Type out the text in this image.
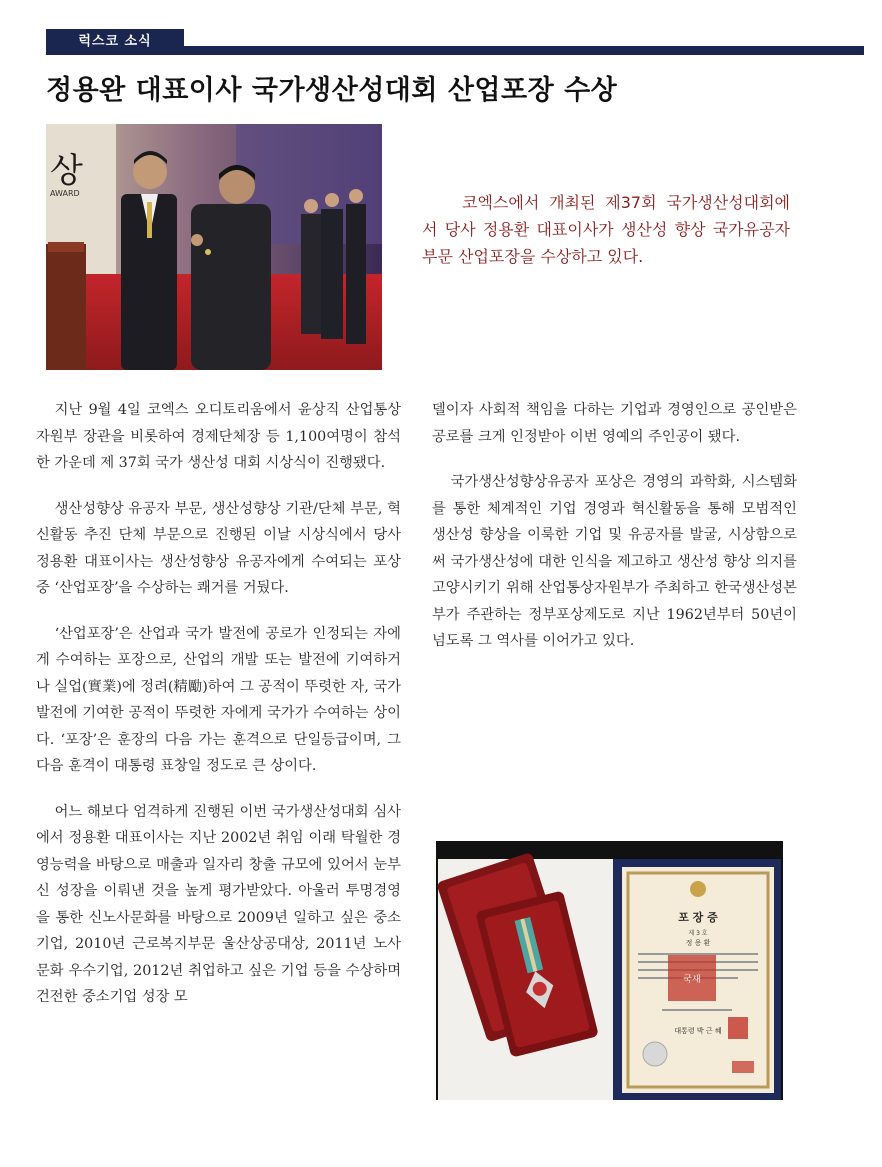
럭스코 소식
정용완 대표이사 국가생산성대회 산업포장 수상
상
AWARD	코엑스에서 개최된 제37회 국가생산성대회에서 당사 정용환 대표이사가 생산성 향상 국가유공자 부문 산업포장을 수상하고 있다.

지난 9월 4일 코엑스 오디토리움에서 윤상직 산업통상자원부 장관을 비롯하여 경제단체장 등 1,100여명이 참석한 가운데 제 37회 국가 생산성 대회 시상식이 진행됐다.

생산성향상 유공자 부문, 생산성향상 기관/단체 부문, 혁신활동 추진 단체 부문으로 진행된 이날 시상식에서 당사 정용환 대표이사는 생산성향상 유공자에게 수여되는 포상 중 ‘산업포장’을 수상하는 쾌거를 거뒀다.

‘산업포장’은 산업과 국가 발전에 공로가 인정되는 자에게 수여하는 포장으로, 산업의 개발 또는 발전에 기여하거나 실업(實業)에 정려(精勵)하여 그 공적이 뚜렷한 자, 국가발전에 기여한 공적이 뚜렷한 자에게 국가가 수여하는 상이다. ‘포장’은 훈장의 다음 가는 훈격으로 단일등급이며, 그 다음 훈격이 대통령 표창일 정도로 큰 상이다.

어느 해보다 엄격하게 진행된 이번 국가생산성대회 심사에서 정용환 대표이사는 지난 2002년 취임 이래 탁월한 경영능력을 바탕으로 매출과 일자리 창출 규모에 있어서 눈부신 성장을 이뤄낸 것을 높게 평가받았다. 아울러 투명경영을 통한 신노사문화를 바탕으로 2009년 일하고 싶은 중소기업, 2010년 근로복지부문 울산상공대상, 2011년 노사문화 우수기업, 2012년 취업하고 싶은 기업 등을 수상하며 건전한 중소기업 성장 모

델이자 사회적 책임을 다하는 기업과 경영인으로 공인받은 공로를 크게 인정받아 이번 영예의 주인공이 됐다.

국가생산성향상유공자 포상은 경영의 과학화, 시스템화를 통한 체계적인 기업 경영과 혁신활동을 통해 모범적인 생산성 향상을 이룩한 기업 및 유공자를 발굴, 시상함으로써 국가생산성에 대한 인식을 제고하고 생산성 향상 의지를 고양시키기 위해 산업통상자원부가 주최하고 한국생산성본부가 주관하는 정부포상제도로 지난 1962년부터 50년이 넘도록 그 역사를 이어가고 있다.

포 장 증
제 3 호
정 용 환
국새
대통령 박 근 혜
